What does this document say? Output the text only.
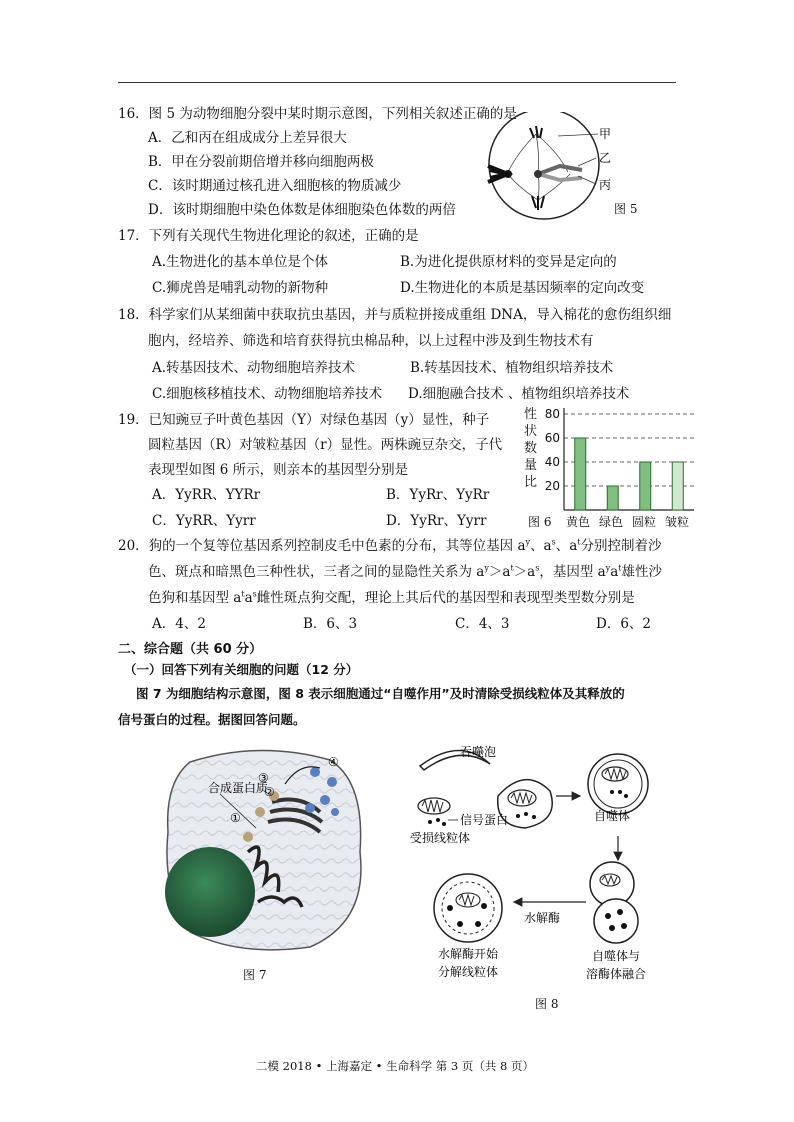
16．图 5 为动物细胞分裂中某时期示意图，下列相关叙述正确的是
A．乙和丙在组成成分上差异很大
B．甲在分裂前期倍增并移向细胞两极
C．该时期通过核孔进入细胞核的物质减少
D．该时期细胞中染色体数是体细胞染色体数的两倍
甲
乙
丙
图 5
17．下列有关现代生物进化理论的叙述，正确的是
A.生物进化的基本单位是个体	B.为进化提供原材料的变异是定向的
C.狮虎兽是哺乳动物的新物种	D.生物进化的本质是基因频率的定向改变
18．科学家们从某细菌中获取抗虫基因，并与质粒拼接成重组 DNA，导入棉花的愈伤组织细
胞内，经培养、筛选和培育获得抗虫棉品种，以上过程中涉及到生物技术有
A.转基因技术、动物细胞培养技术	B.转基因技术、植物组织培养技术
C.细胞核移植技术、动物细胞培养技术 D.细胞融合技术 、植物组织培养技术
19．已知豌豆子叶黄色基因（Y）对绿色基因（y）显性，种子
圆粒基因（R）对皱粒基因（r）显性。两株豌豆杂交，子代
表现型如图 6 所示，则亲本的基因型分别是
A．YyRR、YYRr	B．YyRr、YyRr
C．YyRR、Yyrr	D．YyRr、Yyrr
性状数量比 20
40
60
80
图 6 黄色 绿色 圆粒 皱粒
20．狗的一个复等位基因系列控制皮毛中色素的分布，其等位基因 $a^y$、$a^s$、$a^t$分别控制着沙
色、斑点和暗黑色三种性状，三者之间的显隐性关系为 $a^y>a^t>a^s$，基因型 $a^ya^t$雄性沙
色狗和基因型 $a^ta^s$雌性斑点狗交配，理论上其后代的基因型和表现型类型数分别是
A．4、2	B．6、3	C．4、3	D．6、2
二、综合题（共 60 分）
（一）回答下列有关细胞的问题（12 分）
图 7 为细胞结构示意图，图 8 表示细胞通过“自噬作用”及时清除受损线粒体及其释放的
信号蛋白的过程。据图回答问题。
合成蛋白质
①
②
③
④
图 7
吞噬泡
信号蛋白
受损线粒体
自噬体
水解酶
自噬体与
溶酶体融合
水解酶开始
分解线粒体
图 8
二模 2018 • 上海嘉定 • 生命科学 第 3 页（共 8 页）
